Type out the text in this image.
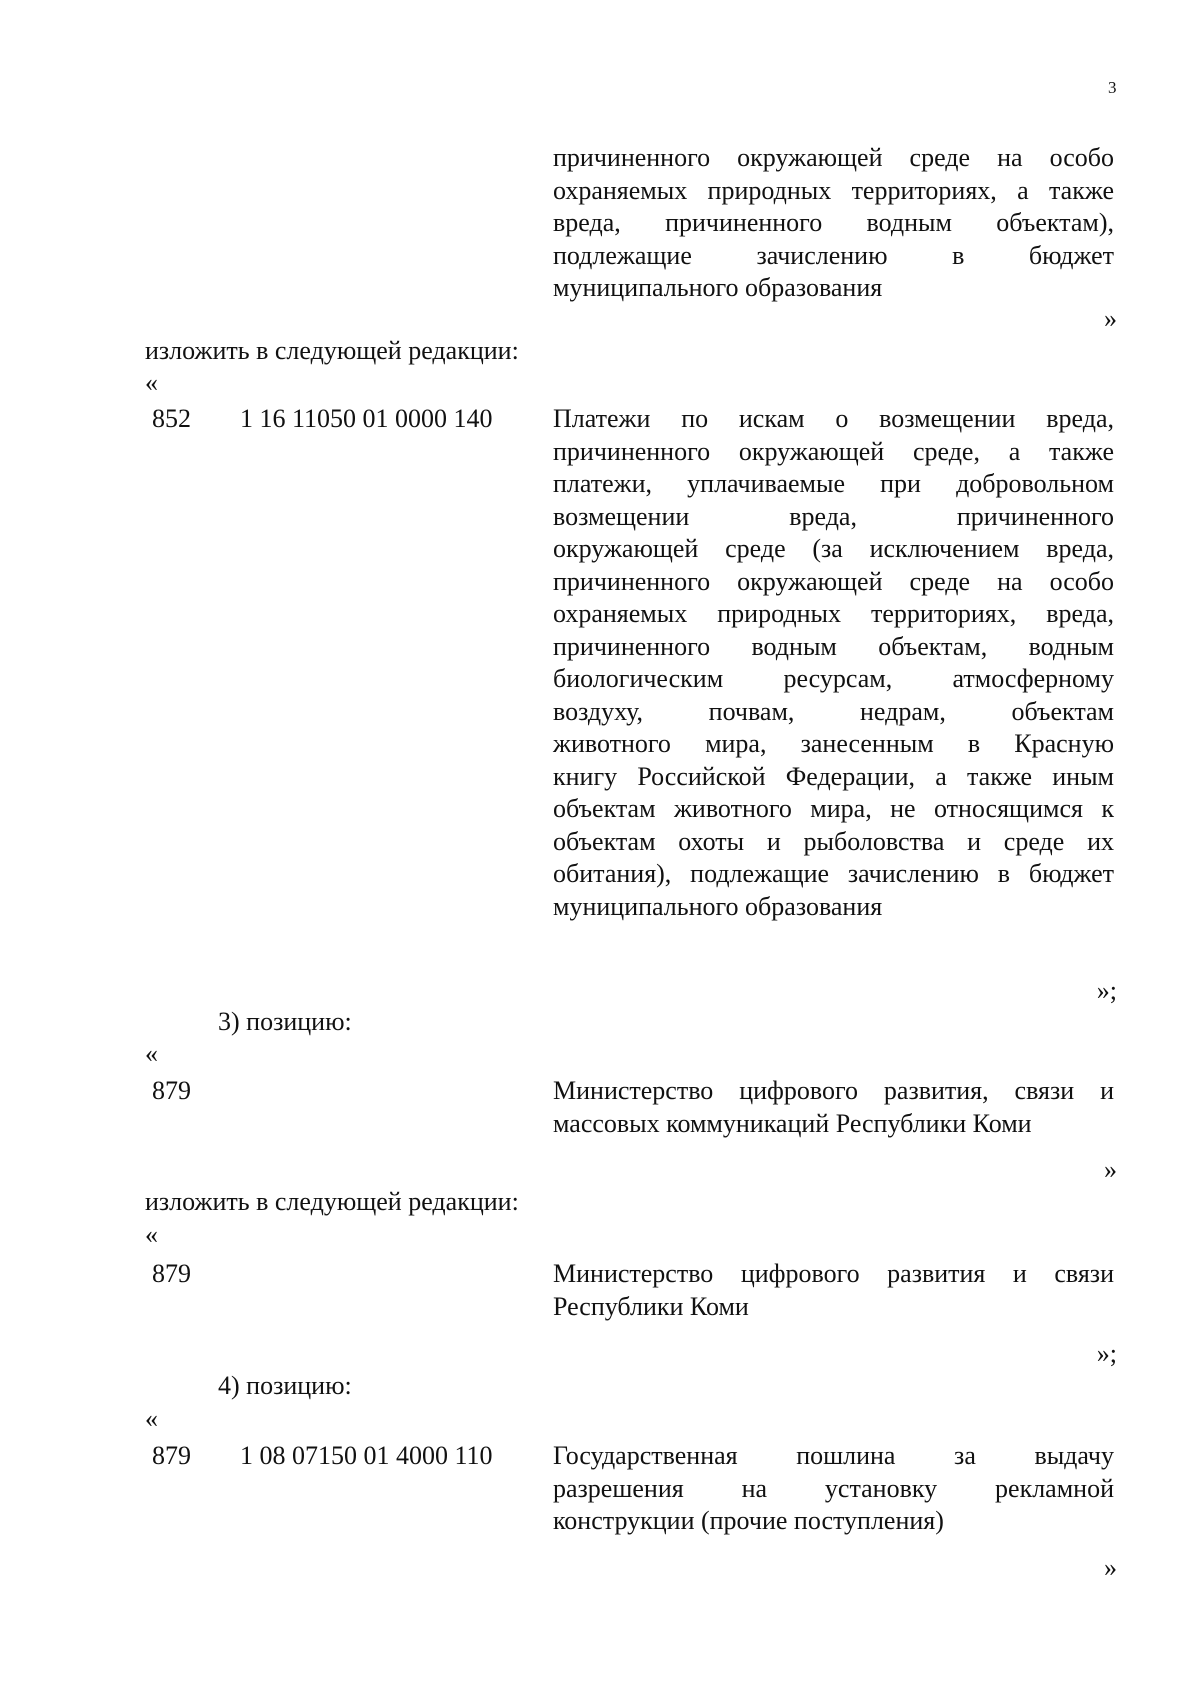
3
причиненного окружающей среде на особо
охраняемых природных территориях, а также
вреда, причиненного водным объектам),
подлежащие зачислению в бюджет
муниципального образования
»
изложить в следующей редакции:
«
852 1 16 11050 01 0000 140 Платежи по искам о возмещении вреда,
причиненного окружающей среде, а также
платежи, уплачиваемые при добровольном
возмещении вреда, причиненного
окружающей среде (за исключением вреда,
причиненного окружающей среде на особо
охраняемых природных территориях, вреда,
причиненного водным объектам, водным
биологическим ресурсам, атмосферному
воздуху, почвам, недрам, объектам
животного мира, занесенным в Красную
книгу Российской Федерации, а также иным
объектам животного мира, не относящимся к
объектам охоты и рыболовства и среде их
обитания), подлежащие зачислению в бюджет
муниципального образования
»;
3) позицию:
«
879	Министерство цифрового развития, связи и
массовых коммуникаций Республики Коми
»
изложить в следующей редакции:
«
879	Министерство цифрового развития и связи
Республики Коми
»;
4) позицию:
«
879 1 08 07150 01 4000 110 Государственная пошлина за выдачу
разрешения на установку рекламной
конструкции (прочие поступления)
»
